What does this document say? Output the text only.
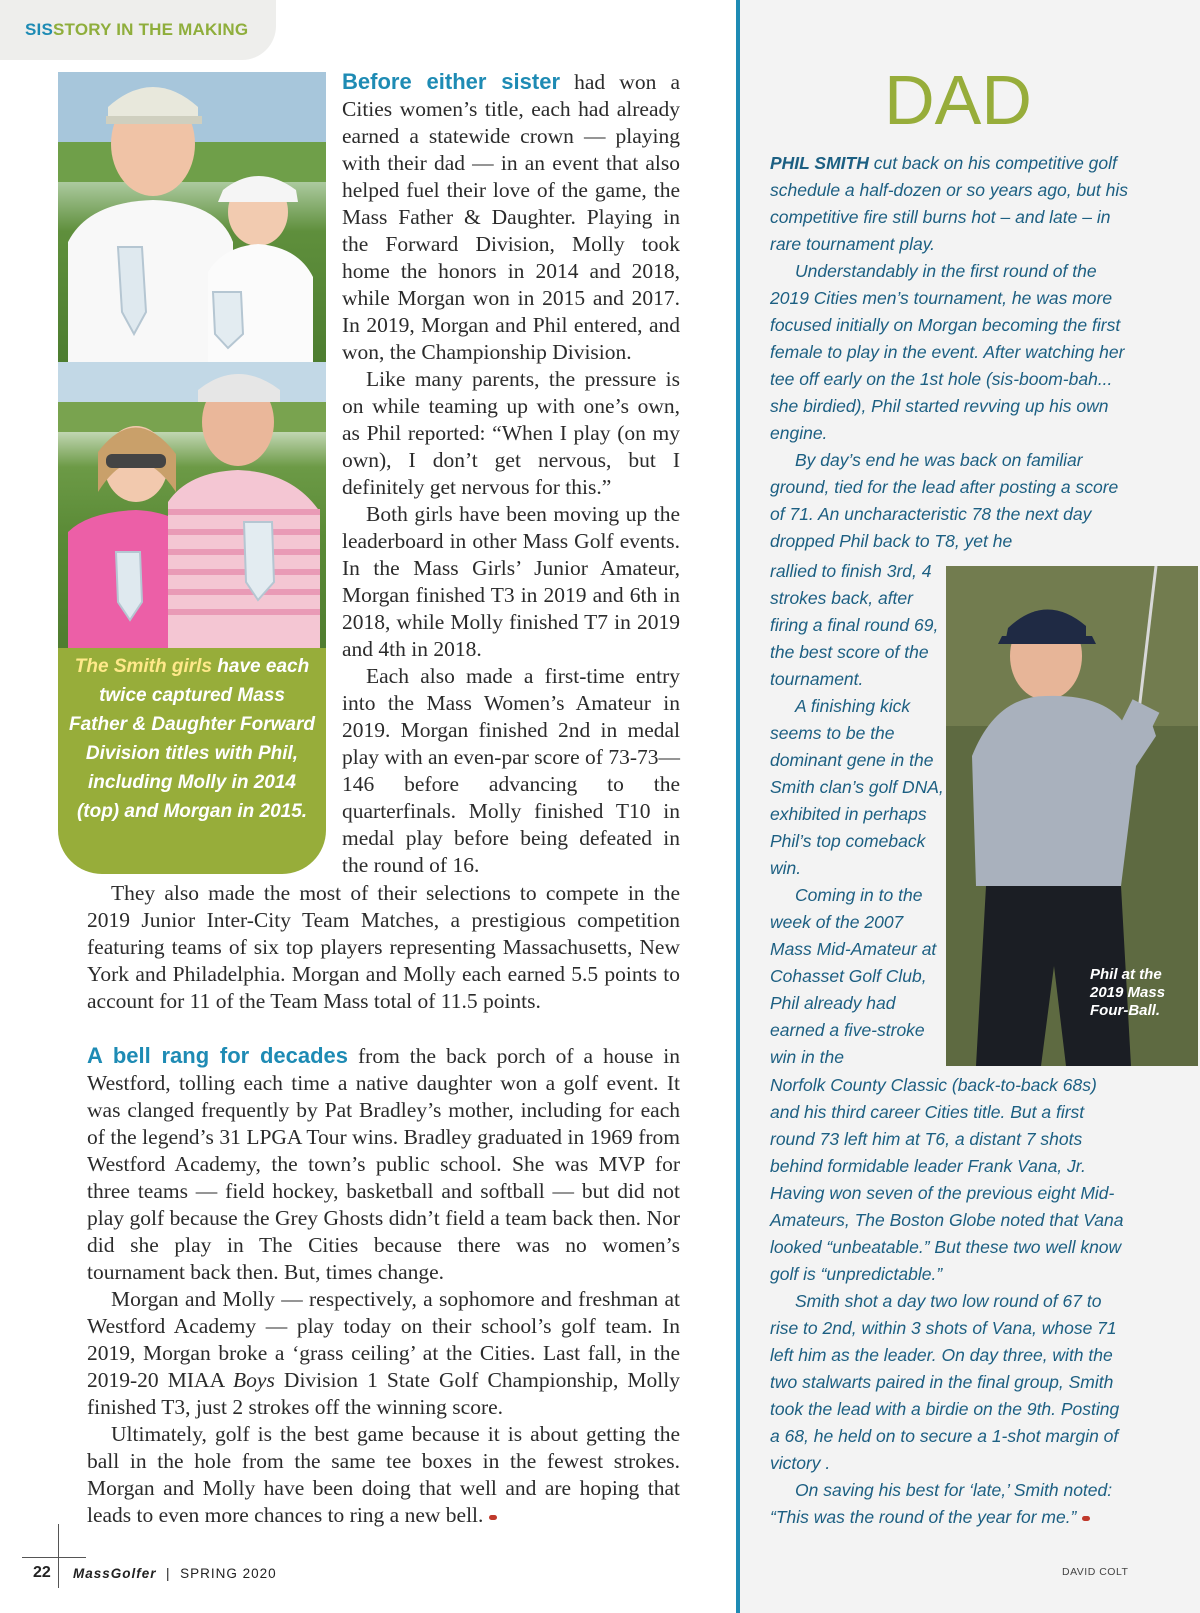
SISSTORY IN THE MAKING
The Smith girls have each twice captured Mass Father & Daughter Forward Division titles with Phil, including Molly in 2014 (top) and Morgan in 2015.

Before either sister had won a Cities women’s title, each had already earned a statewide crown — playing with their dad — in an event that also helped fuel their love of the game, the Mass Father & Daughter. Playing in the Forward Division, Molly took home the honors in 2014 and 2018, while Morgan won in 2015 and 2017. In 2019, Morgan and Phil entered, and won, the Championship Division.

Like many parents, the pressure is on while teaming up with one’s own, as Phil reported: “When I play (on my own), I don’t get nervous, but I definitely get nervous for this.”

Both girls have been moving up the leaderboard in other Mass Golf events. In the Mass Girls’ Junior Amateur, Morgan finished T3 in 2019 and 6th in 2018, while Molly finished T7 in 2019 and 4th in 2018.

Each also made a first-time entry into the Mass Women’s Amateur in 2019. Morgan finished 2nd in medal play with an even-par score of 73-73—146 before advancing to the quarterfinals. Molly finished T10 in medal play before being defeated in the round of 16.

They also made the most of their selections to compete in the 2019 Junior Inter-City Team Matches, a prestigious competition featuring teams of six top players representing Massachusetts, New York and Philadelphia. Morgan and Molly each earned 5.5 points to account for 11 of the Team Mass total of 11.5 points.

A bell rang for decades from the back porch of a house in Westford, tolling each time a native daughter won a golf event. It was clanged frequently by Pat Bradley’s mother, including for each of the legend’s 31 LPGA Tour wins. Bradley graduated in 1969 from Westford Academy, the town’s public school. She was MVP for three teams — field hockey, basketball and softball — but did not play golf because the Grey Ghosts didn’t field a team back then. Nor did she play in The Cities because there was no women’s tournament back then. But, times change.

Morgan and Molly — respectively, a sophomore and freshman at Westford Academy — play today on their school’s golf team. In 2019, Morgan broke a ‘grass ceiling’ at the Cities. Last fall, in the 2019-20 MIAA Boys Division 1 State Golf Championship, Molly finished T3, just 2 strokes off the winning score.

Ultimately, golf is the best game because it is about getting the ball in the hole from the same tee boxes in the fewest strokes. Morgan and Molly have been doing that well and are hoping that leads to even more chances to ring a new bell.

DAD

PHIL SMITH cut back on his competitive golf schedule a half-dozen or so years ago, but his competitive fire still burns hot – and late – in rare tournament play.

Understandably in the first round of the 2019 Cities men’s tournament, he was more focused initially on Morgan becoming the first female to play in the event. After watching her tee off early on the 1st hole (sis-boom-bah... she birdied), Phil started revving up his own engine.

By day’s end he was back on familiar ground, tied for the lead after posting a score of 71. An uncharacteristic 78 the next day dropped Phil back to T8, yet he

rallied to finish 3rd, 4 strokes back, after firing a final round 69, the best score of the tournament.

A finishing kick seems to be the dominant gene in the Smith clan’s golf DNA, exhibited in perhaps Phil’s top comeback win.

Coming in to the week of the 2007 Mass Mid-Amateur at Cohasset Golf Club, Phil already had earned a five-stroke win in the

Norfolk County Classic (back-to-back 68s) and his third career Cities title. But a first round 73 left him at T6, a distant 7 shots behind formidable leader Frank Vana, Jr. Having won seven of the previous eight Mid-Amateurs, The Boston Globe noted that Vana looked “unbeatable.” But these two well know golf is “unpredictable.”

Smith shot a day two low round of 67 to rise to 2nd, within 3 shots of Vana, whose 71 left him as the leader. On day three, with the two stalwarts paired in the final group, Smith took the lead with a birdie on the 9th. Posting a 68, he held on to secure a 1-shot margin of victory .

On saving his best for ‘late,’ Smith noted: “This was the round of the year for me.”

Phil at the 2019 Mass Four-Ball.
22 MassGolfer | SPRING 2020	DAVID COLT
